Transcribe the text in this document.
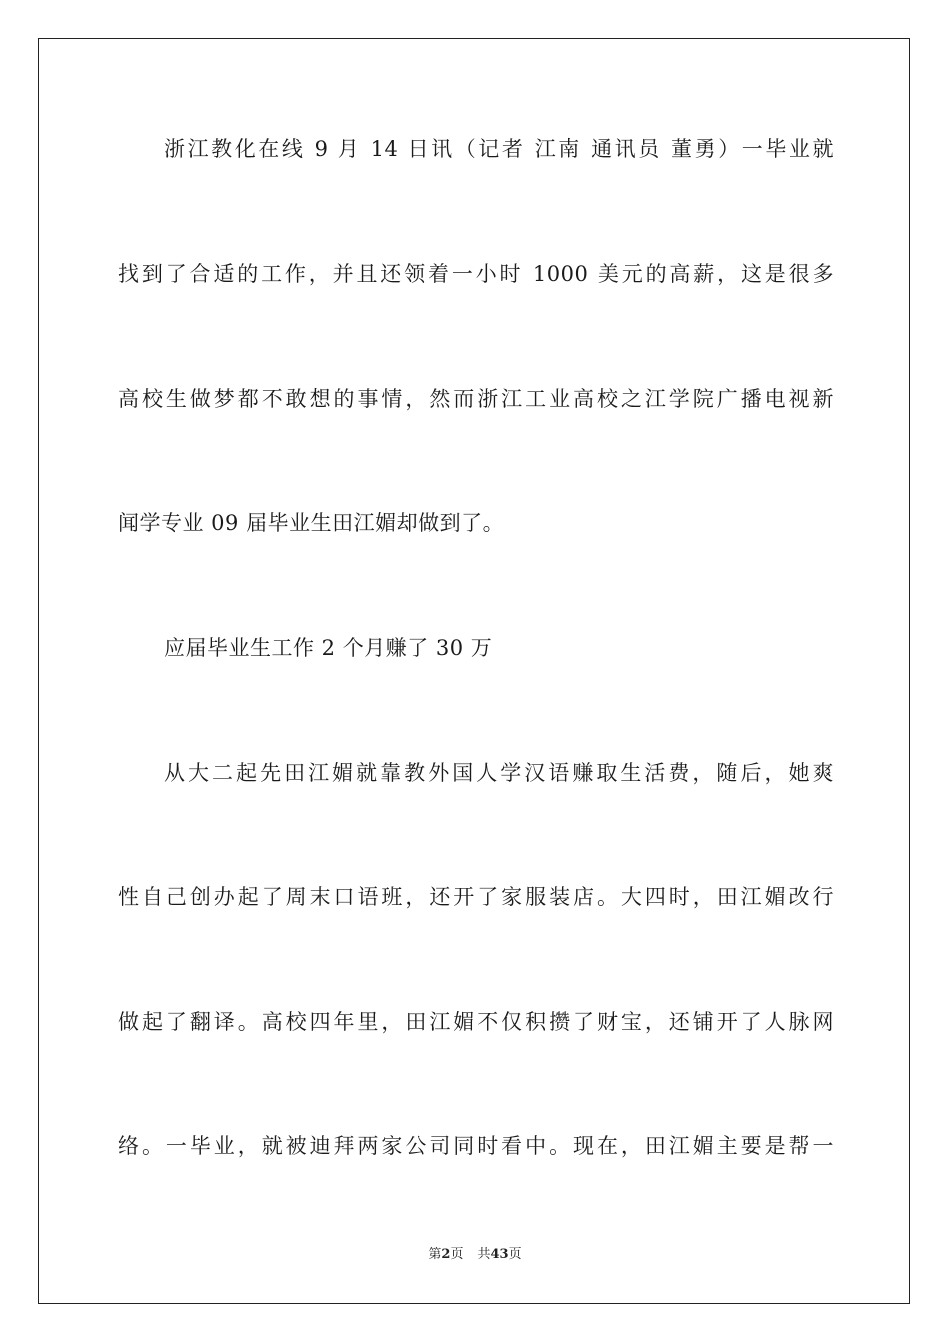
浙江教化在线 9 月 14 日讯（记者 江南 通讯员 董勇）一毕业就
找到了合适的工作，并且还领着一小时 1000 美元的高薪，这是很多
高校生做梦都不敢想的事情，然而浙江工业高校之江学院广播电视新
闻学专业 09 届毕业生田江媚却做到了。
应届毕业生工作 2 个月赚了 30 万
从大二起先田江媚就靠教外国人学汉语赚取生活费，随后，她爽
性自己创办起了周末口语班，还开了家服装店。大四时，田江媚改行
做起了翻译。高校四年里，田江媚不仅积攒了财宝，还铺开了人脉网
络。一毕业，就被迪拜两家公司同时看中。现在，田江媚主要是帮一
第2页 共43页
